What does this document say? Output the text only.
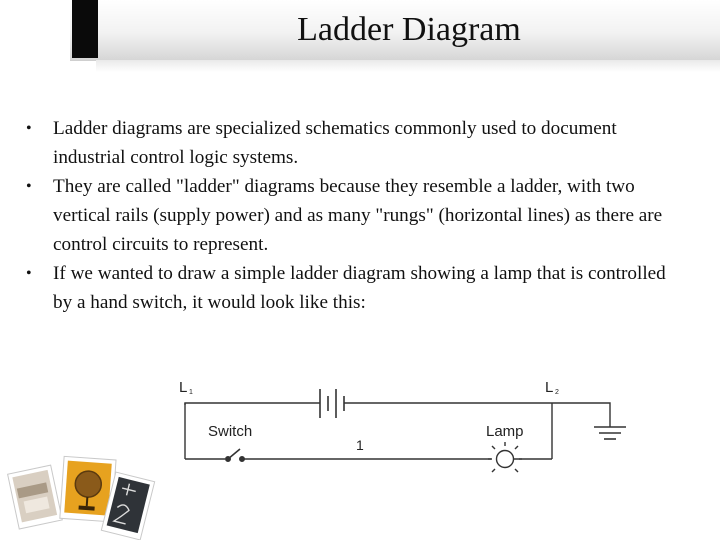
Ladder Diagram
•	Ladder diagrams are specialized schematics commonly used to document industrial control logic systems.
•	They are called "ladder" diagrams because they resemble a ladder, with two vertical rails (supply power) and as many "rungs" (horizontal lines) as there are control circuits to represent.
•	If we wanted to draw a simple ladder diagram showing a lamp that is controlled by a hand switch, it would look like this:
L 1	L 2
Switch	Lamp
1
